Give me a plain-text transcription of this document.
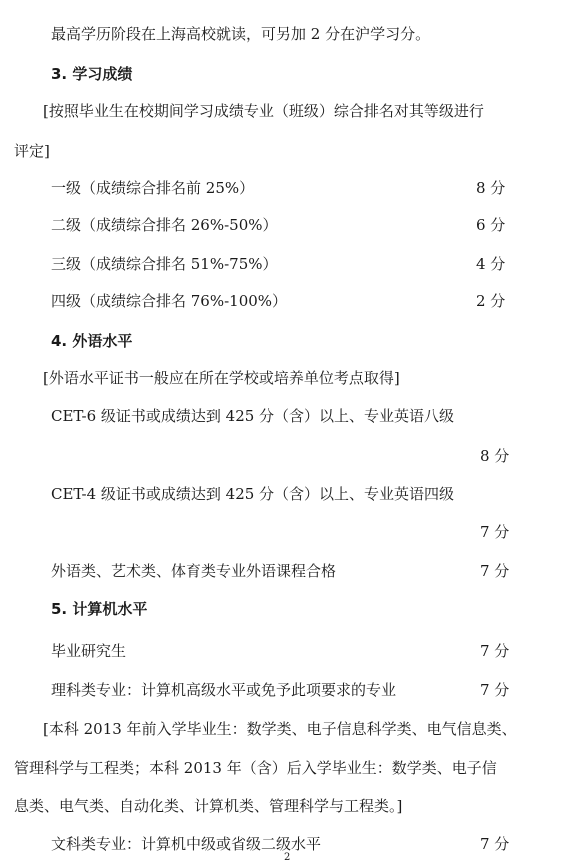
最高学历阶段在上海高校就读，可另加 2 分在沪学习分。
3. 学习成绩
[按照毕业生在校期间学习成绩专业（班级）综合排名对其等级进行
评定]
一级（成绩综合排名前 25%）	8 分
二级（成绩综合排名 26%-50%）	6 分
三级（成绩综合排名 51%-75%）	4 分
四级（成绩综合排名 76%-100%）	2 分
4. 外语水平
[外语水平证书一般应在所在学校或培养单位考点取得]
CET-6 级证书或成绩达到 425 分（含）以上、专业英语八级
8 分
CET-4 级证书或成绩达到 425 分（含）以上、专业英语四级
7 分
外语类、艺术类、体育类专业外语课程合格	7 分
5. 计算机水平
毕业研究生	7 分
理科类专业：计算机高级水平或免予此项要求的专业	7 分
[本科 2013 年前入学毕业生：数学类、电子信息科学类、电气信息类、
管理科学与工程类；本科 2013 年（含）后入学毕业生：数学类、电子信
息类、电气类、自动化类、计算机类、管理科学与工程类。]
文科类专业：计算机中级或省级二级水平	7 分
2
